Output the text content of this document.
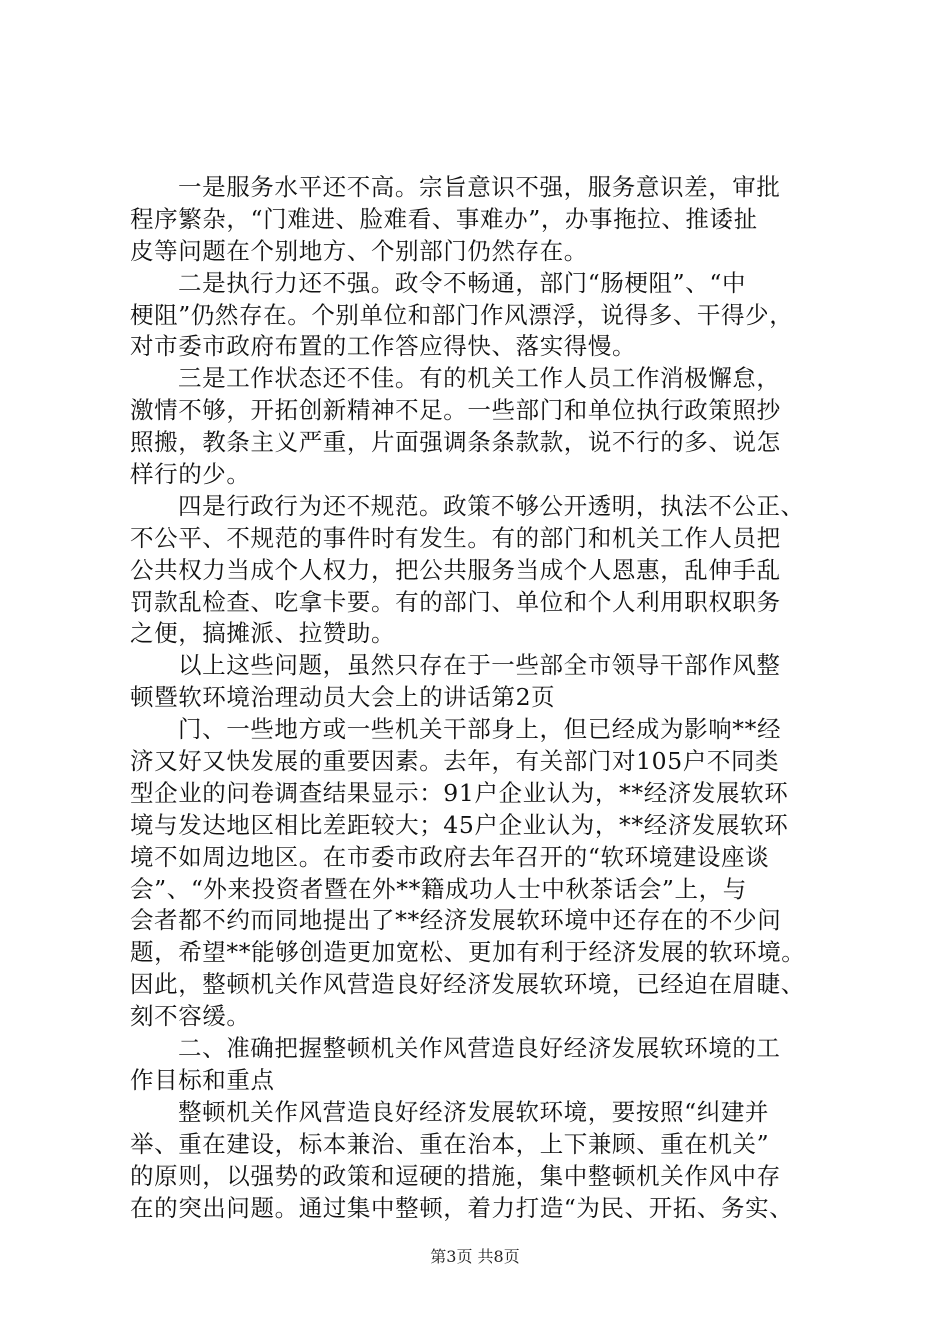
一是服务水平还不高。宗旨意识不强，服务意识差，审批
程序繁杂，“门难进、脸难看、事难办”，办事拖拉、推诿扯
皮等问题在个别地方、个别部门仍然存在。
二是执行力还不强。政令不畅通，部门“肠梗阻”、“中
梗阻”仍然存在。个别单位和部门作风漂浮，说得多、干得少，
对市委市政府布置的工作答应得快、落实得慢。
三是工作状态还不佳。有的机关工作人员工作消极懈怠，
激情不够，开拓创新精神不足。一些部门和单位执行政策照抄
照搬，教条主义严重，片面强调条条款款，说不行的多、说怎
样行的少。
四是行政行为还不规范。政策不够公开透明，执法不公正、
不公平、不规范的事件时有发生。有的部门和机关工作人员把
公共权力当成个人权力，把公共服务当成个人恩惠，乱伸手乱
罚款乱检查、吃拿卡要。有的部门、单位和个人利用职权职务
之便，搞摊派、拉赞助。
以上这些问题，虽然只存在于一些部全市领导干部作风整
顿暨软环境治理动员大会上的讲话第2页
门、一些地方或一些机关干部身上，但已经成为影响**经
济又好又快发展的重要因素。去年，有关部门对105户不同类
型企业的问卷调查结果显示：91户企业认为，**经济发展软环
境与发达地区相比差距较大；45户企业认为，**经济发展软环
境不如周边地区。在市委市政府去年召开的“软环境建设座谈
会”、“外来投资者暨在外**籍成功人士中秋茶话会”上，与
会者都不约而同地提出了**经济发展软环境中还存在的不少问
题，希望**能够创造更加宽松、更加有利于经济发展的软环境。
因此，整顿机关作风营造良好经济发展软环境，已经迫在眉睫、
刻不容缓。
二、准确把握整顿机关作风营造良好经济发展软环境的工
作目标和重点
整顿机关作风营造良好经济发展软环境，要按照“纠建并
举、重在建设，标本兼治、重在治本，上下兼顾、重在机关”
的原则，以强势的政策和逗硬的措施，集中整顿机关作风中存
在的突出问题。通过集中整顿，着力打造“为民、开拓、务实、
第3页 共8页
